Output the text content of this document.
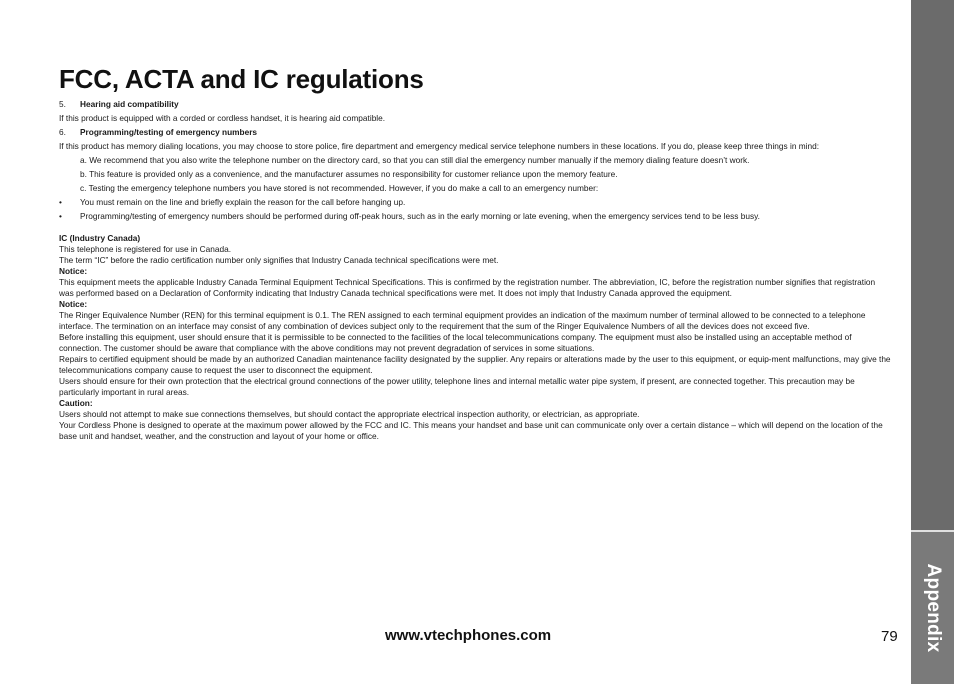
Appendix
FCC, ACTA and IC regulations
5.	Hearing aid compatibility

If this product is equipped with a corded or cordless handset, it is hearing aid compatible.

6.	Programming/testing of emergency numbers

If this product has memory dialing locations, you may choose to store police, fire department and emergency medical service telephone numbers in these locations. If you do, please keep three things in mind:

a. We recommend that you also write the telephone number on the directory card, so that you can still dial the emergency number manually if the memory dialing feature doesn’t work.

b. This feature is provided only as a convenience, and the manufacturer assumes no responsibility for customer reliance upon the memory feature.

c. Testing the emergency telephone numbers you have stored is not recommended. However, if you do make a call to an emergency number:

•	You must remain on the line and briefly explain the reason for the call before hanging up.
•	Programming/testing of emergency numbers should be performed during off-peak hours, such as in the early morning or late evening, when the emergency services tend to be less busy.

IC (Industry Canada)

This telephone is registered for use in Canada.

The term “IC” before the radio certification number only signifies that Industry Canada technical specifications were met.

Notice:

This equipment meets the applicable Industry Canada Terminal Equipment Technical Specifications. This is confirmed by the registration number. The abbreviation, IC, before the registration number signifies that registration was performed based on a Declaration of Conformity indicating that Industry Canada technical specifications were met. It does not imply that Industry Canada approved the equipment.

Notice:

The Ringer Equivalence Number (REN) for this terminal equipment is 0.1. The REN assigned to each terminal equipment provides an indication of the maximum number of terminal allowed to be connected to a telephone interface. The termination on an interface may consist of any combination of devices subject only to the requirement that the sum of the Ringer Equivalence Numbers of all the devices does not exceed five.

Before installing this equipment, user should ensure that it is permissible to be connected to the facilities of the local telecommunications company. The equipment must also be installed using an acceptable method of connection. The customer should be aware that compliance with the above conditions may not prevent degradation of services in some situations.

Repairs to certified equipment should be made by an authorized Canadian maintenance facility designated by the supplier. Any repairs or alterations made by the user to this equipment, or equip-ment malfunctions, may give the telecommunications company cause to request the user to disconnect the equipment.

Users should ensure for their own protection that the electrical ground connections of the power utility, telephone lines and internal metallic water pipe system, if present, are connected together. This precaution may be particularly important in rural areas.

Caution:

Users should not attempt to make sue connections themselves, but should contact the appropriate electrical inspection authority, or electrician, as appropriate.

Your Cordless Phone is designed to operate at the maximum power allowed by the FCC and IC. This means your handset and base unit can communicate only over a certain distance – which will depend on the location of the base unit and handset, weather, and the construction and layout of your home or office.

www.vtechphones.com	79
